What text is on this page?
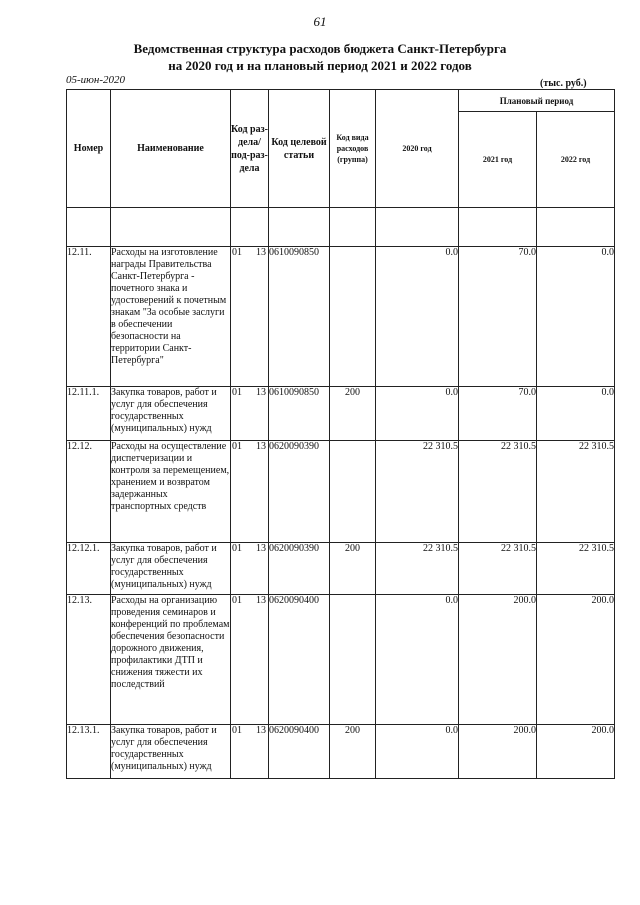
61
Ведомственная структура расходов бюджета Санкт-Петербурга
на 2020 год и на плановый период 2021 и 2022 годов
05-июн-2020	(тыс. руб.)
Номер	Наименование	Код раз-дела/ под-раз-дела	Код целевой статьи	Код вида расходов (группа)	2020 год	Плановый период	
						2021 год	2022 год

12.11.	Расходы на изготовление награды Правительства Санкт-Петербурга - почетного знака и удостоверений к почетным знакам "За особые заслуги в обеспечении безопасности на территории Санкт-Петербурга"	01 13	0610090850		0.0	70.0	0.0
12.11.1.	Закупка товаров, работ и услуг для обеспечения государственных (муниципальных) нужд	01 13	0610090850	200	0.0	70.0	0.0
12.12.	Расходы на осуществление диспетчеризации и контроля за перемещением, хранением и возвратом задержанных транспортных средств	01 13	0620090390		22 310.5	22 310.5	22 310.5
12.12.1.	Закупка товаров, работ и услуг для обеспечения государственных (муниципальных) нужд	01 13	0620090390	200	22 310.5	22 310.5	22 310.5
12.13.	Расходы на организацию проведения семинаров и конференций по проблемам обеспечения безопасности дорожного движения, профилактики ДТП и снижения тяжести их последствий	01 13	0620090400		0.0	200.0	200.0
12.13.1.	Закупка товаров, работ и услуг для обеспечения государственных (муниципальных) нужд	01 13	0620090400	200	0.0	200.0	200.0
